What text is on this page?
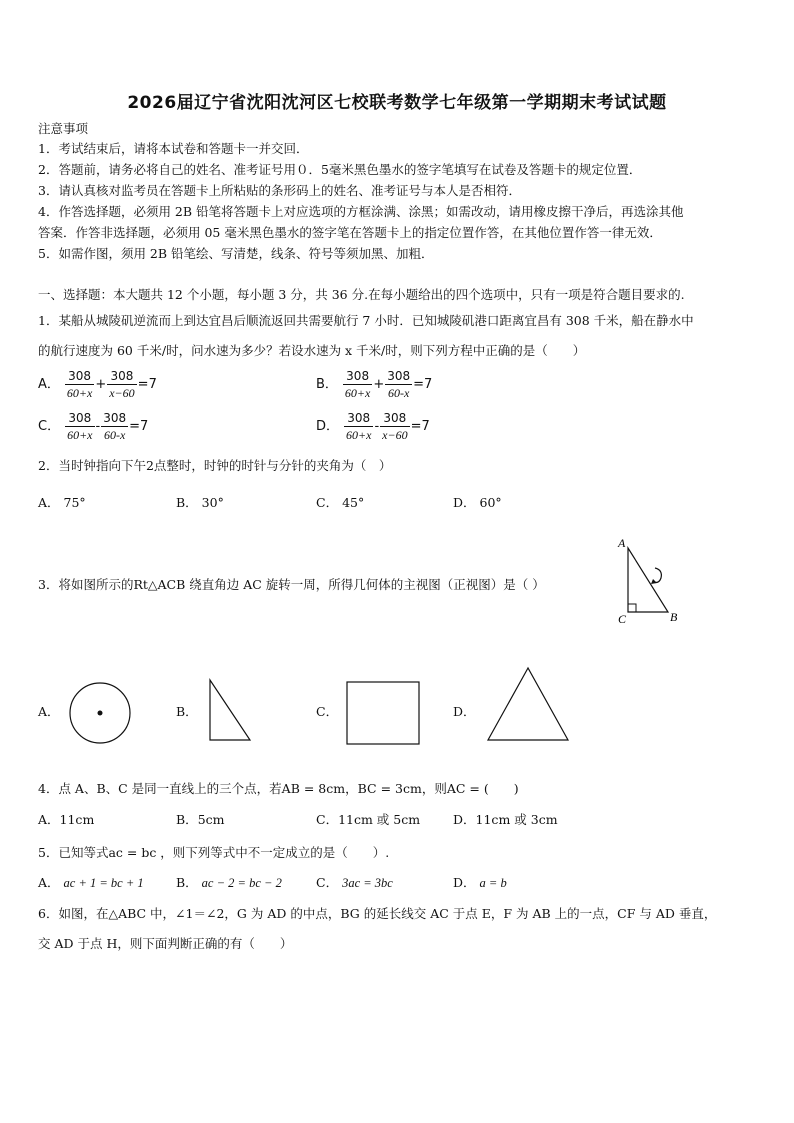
2026届辽宁省沈阳沈河区七校联考数学七年级第一学期期末考试试题
注意事项
1．考试结束后，请将本试卷和答题卡一并交回．
2．答题前，请务必将自己的姓名、准考证号用０．5毫米黑色墨水的签字笔填写在试卷及答题卡的规定位置．
3．请认真核对监考员在答题卡上所粘贴的条形码上的姓名、准考证号与本人是否相符．
4．作答选择题，必须用 2B 铅笔将答题卡上对应选项的方框涂满、涂黑；如需改动，请用橡皮擦干净后，再选涂其他
答案．作答非选择题，必须用 05 毫米黑色墨水的签字笔在答题卡上的指定位置作答，在其他位置作答一律无效．
5．如需作图，须用 2B 铅笔绘、写清楚，线条、符号等须加黑、加粗．
一、选择题：本大题共 12 个小题，每小题 3 分，共 36 分.在每小题给出的四个选项中，只有一项是符合题目要求的.
1．某船从城陵矶逆流而上到达宜昌后顺流返回共需要航行 7 小时．已知城陵矶港口距离宜昌有 308 千米，船在静水中
的航行速度为 60 千米/时，问水速为多少？若设水速为 x 千米/时，则下列方程中正确的是（　　）
A． $\frac{308}{60+x} + \frac{308}{x-60} =7$	B． $\frac{308}{60+x} + \frac{308}{60-x} =7$
C． $\frac{308}{60+x} - \frac{308}{60-x} =7$	D． $\frac{308}{60+x} - \frac{308}{x-60} =7$
2．当时钟指向下午2点整时，时钟的时针与分针的夹角为（　）
A． 75°	B． 30°	C． 45°	D． 60°
3．将如图所示的Rt△ACB 绕直角边 AC 旋转一周，所得几何体的主视图（正视图）是（ ）
A
B
C
A．	B．	C．	D．
4．点 A、B、C 是同一直线上的三个点，若AB = 8cm，BC = 3cm，则AC = (　　)
A．11cm	B．5cm	C．11cm 或 5cm	D．11cm 或 3cm
5．已知等式ac = bc ，则下列等式中不一定成立的是（　　）.
A． ac + 1 = bc + 1	B． ac − 2 = bc − 2	C． 3ac = 3bc	D． a = b
6．如图，在△ABC 中，∠1＝∠2，G 为 AD 的中点，BG 的延长线交 AC 于点 E，F 为 AB 上的一点，CF 与 AD 垂直，
交 AD 于点 H，则下面判断正确的有（　　）
